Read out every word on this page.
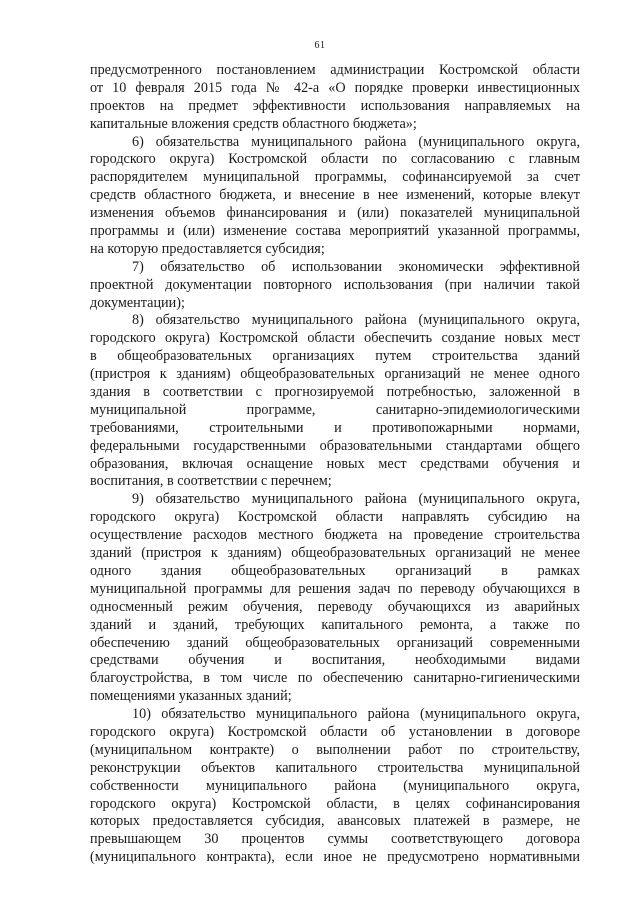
61
предусмотренного постановлением администрации Костромской области
от 10 февраля 2015 года № 42-а «О порядке проверки инвестиционных
проектов на предмет эффективности использования направляемых на
капитальные вложения средств областного бюджета»;
6) обязательства муниципального района (муниципального округа,
городского округа) Костромской области по согласованию с главным
распорядителем муниципальной программы, софинансируемой за счет
средств областного бюджета, и внесение в нее изменений, которые влекут
изменения объемов финансирования и (или) показателей муниципальной
программы и (или) изменение состава мероприятий указанной программы,
на которую предоставляется субсидия;
7) обязательство об использовании экономически эффективной
проектной документации повторного использования (при наличии такой
документации);
8) обязательство муниципального района (муниципального округа,
городского округа) Костромской области обеспечить создание новых мест
в общеобразовательных организациях путем строительства зданий
(пристроя к зданиям) общеобразовательных организаций не менее одного
здания в соответствии с прогнозируемой потребностью, заложенной в
муниципальной программе, санитарно-эпидемиологическими
требованиями, строительными и противопожарными нормами,
федеральными государственными образовательными стандартами общего
образования, включая оснащение новых мест средствами обучения и
воспитания, в соответствии с перечнем;
9) обязательство муниципального района (муниципального округа,
городского округа) Костромской области направлять субсидию на
осуществление расходов местного бюджета на проведение строительства
зданий (пристроя к зданиям) общеобразовательных организаций не менее
одного здания общеобразовательных организаций в рамках
муниципальной программы для решения задач по переводу обучающихся в
односменный режим обучения, переводу обучающихся из аварийных
зданий и зданий, требующих капитального ремонта, а также по
обеспечению зданий общеобразовательных организаций современными
средствами обучения и воспитания, необходимыми видами
благоустройства, в том числе по обеспечению санитарно-гигиеническими
помещениями указанных зданий;
10) обязательство муниципального района (муниципального округа,
городского округа) Костромской области об установлении в договоре
(муниципальном контракте) о выполнении работ по строительству,
реконструкции объектов капитального строительства муниципальной
собственности муниципального района (муниципального округа,
городского округа) Костромской области, в целях софинансирования
которых предоставляется субсидия, авансовых платежей в размере, не
превышающем 30 процентов суммы соответствующего договора
(муниципального контракта), если иное не предусмотрено нормативными
